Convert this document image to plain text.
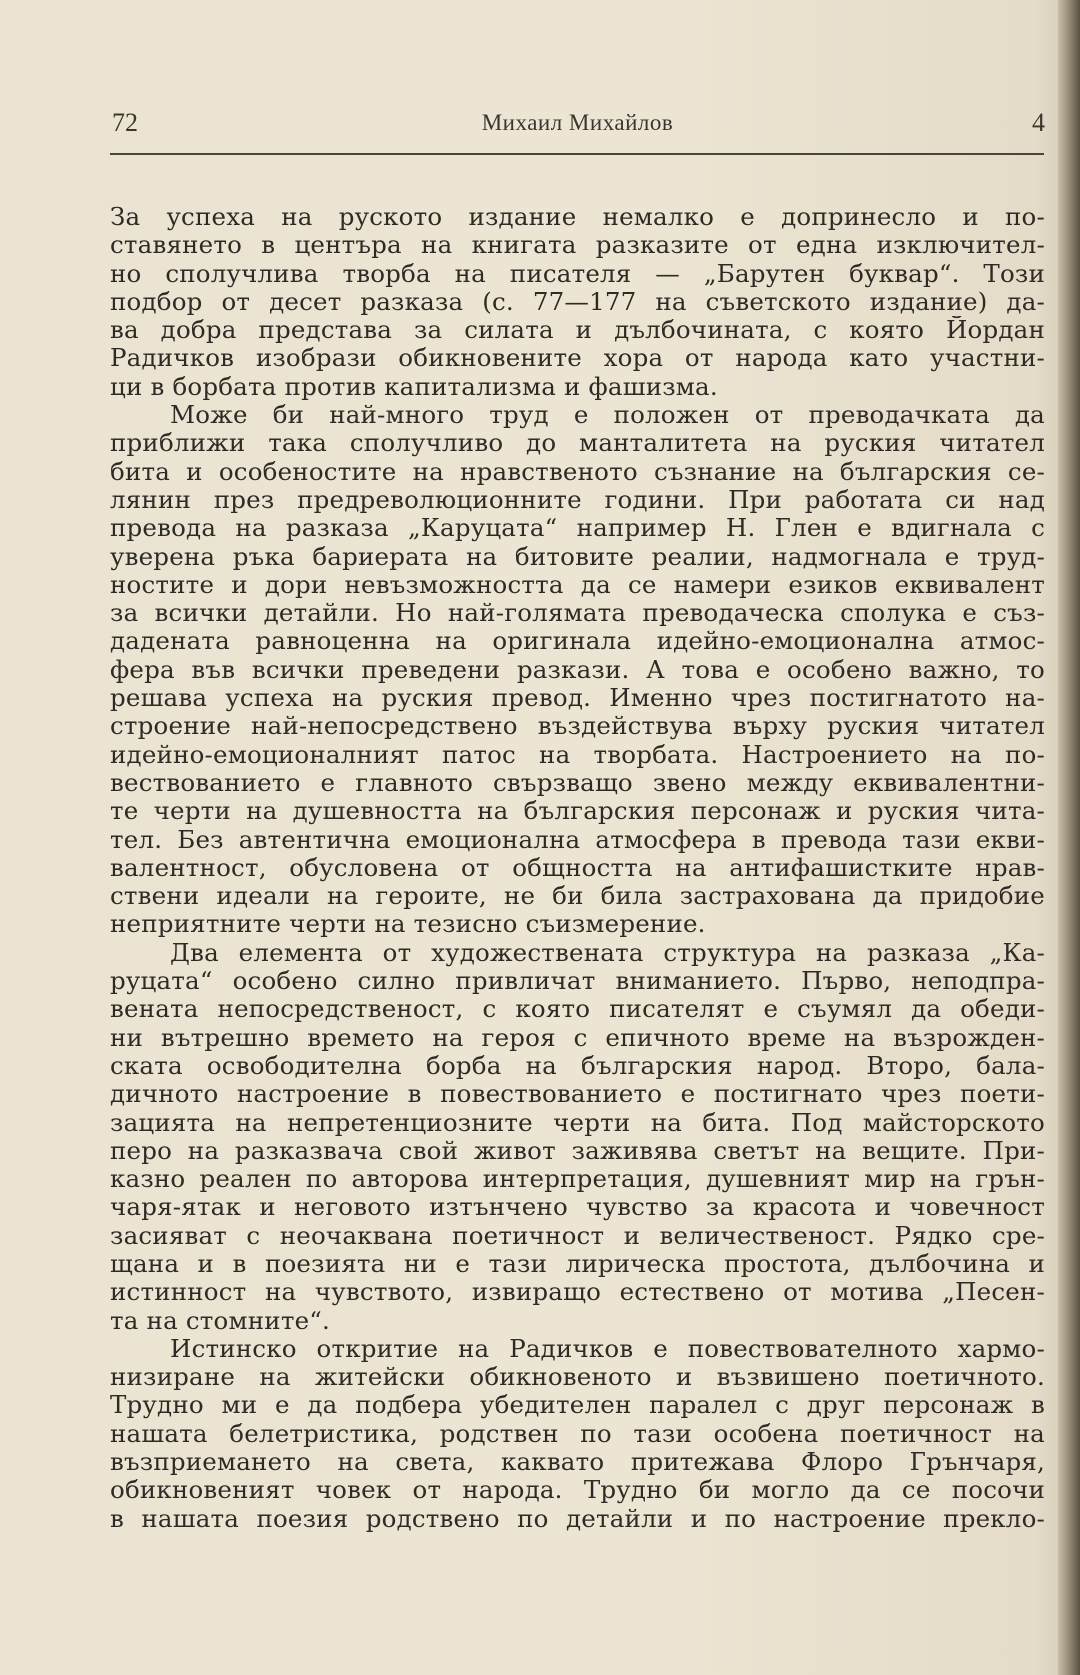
72	Михаил Михайлов	4
За успеха на руското издание немалко е допринесло и по-
ставянето в центъра на книгата разказите от една изключител-
но сполучлива творба на писателя — „Барутен буквар“. Този
подбор от десет разказа (с. 77—177 на съветското издание) да-
ва добра представа за силата и дълбочината, с която Йордан
Радичков изобрази обикновените хора от народа като участни-
ци в борбата против капитализма и фашизма.
Може би най-много труд е положен от преводачката да
приближи така сполучливо до манталитета на руския читател
бита и особеностите на нравственото съзнание на българския се-
лянин през предреволюционните години. При работата си над
превода на разказа „Каруцата“ например Н. Глен е вдигнала с
уверена ръка бариерата на битовите реалии, надмогнала е труд-
ностите и дори невъзможността да се намери езиков еквивалент
за всички детайли. Но най-голямата преводаческа сполука е съз-
дадената равноценна на оригинала идейно-емоционална атмос-
фера във всички преведени разкази. А това е особено важно, то
решава успеха на руския превод. Именно чрез постигнатото на-
строение най-непосредствено въздействува върху руския читател
идейно-емоционалният патос на творбата. Настроението на по-
вествованието е главното свързващо звено между еквивалентни-
те черти на душевността на българския персонаж и руския чита-
тел. Без автентична емоционална атмосфера в превода тази екви-
валентност, обусловена от общността на антифашистките нрав-
ствени идеали на героите, не би била застрахована да придобие
неприятните черти на тезисно съизмерение.
Два елемента от художествената структура на разказа „Ка-
руцата“ особено силно привличат вниманието. Първо, неподпра-
вената непосредственост, с която писателят е съумял да обеди-
ни вътрешно времето на героя с епичното време на възрожден-
ската освободителна борба на българския народ. Второ, бала-
дичното настроение в повествованието е постигнато чрез поети-
зацията на непретенциозните черти на бита. Под майсторското
перо на разказвача свой живот заживява светът на вещите. При-
казно реален по авторова интерпретация, душевният мир на грън-
чаря-ятак и неговото изтънчено чувство за красота и човечност
засияват с неочаквана поетичност и величественост. Рядко сре-
щана и в поезията ни е тази лирическа простота, дълбочина и
истинност на чувството, извиращо естествено от мотива „Песен-
та на стомните“.
Истинско откритие на Радичков е повествователното хармо-
низиране на житейски обикновеното и възвишено поетичното.
Трудно ми е да подбера убедителен паралел с друг персонаж в
нашата белетристика, родствен по тази особена поетичност на
възприемането на света, каквато притежава Флоро Грънчаря,
обикновеният човек от народа. Трудно би могло да се посочи
в нашата поезия родствено по детайли и по настроение прекло-
